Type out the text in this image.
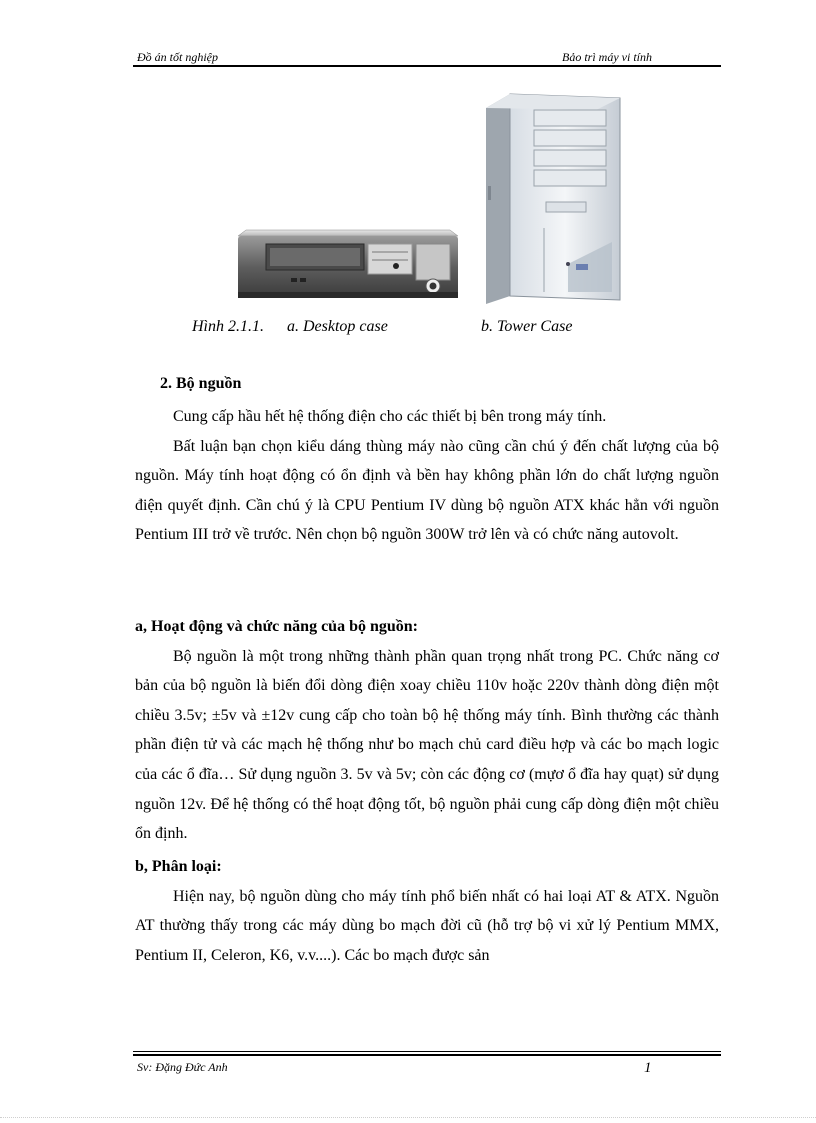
Đồ án tốt nghiệp	Bảo trì máy vi tính
Hình 2.1.1. a. Desktop case	b. Tower Case
2. Bộ nguồn

Cung cấp hầu hết hệ thống điện cho các thiết bị bên trong máy tính.

Bất luận bạn chọn kiểu dáng thùng máy nào cũng cần chú ý đến chất lượng của bộ nguồn. Máy tính hoạt động có ổn định và bền hay không phần lớn do chất lượng nguồn điện quyết định. Cần chú ý là CPU Pentium IV dùng bộ nguồn ATX khác hẳn với nguồn Pentium III trở về trước. Nên chọn bộ nguồn 300W trở lên và có chức năng autovolt.

a, Hoạt động và chức năng của bộ nguồn:

Bộ nguồn là một trong những thành phần quan trọng nhất trong PC. Chức năng cơ bản của bộ nguồn là biến đổi dòng điện xoay chiều 110v hoặc 220v thành dòng điện một chiều 3.5v; ±5v và ±12v cung cấp cho toàn bộ hệ thống máy tính. Bình thường các thành phần điện tử và các mạch hệ thống như bo mạch chủ card điều hợp và các bo mạch logic của các ổ đĩa… Sử dụng nguồn 3. 5v và 5v; còn các động cơ (mựơ ổ đĩa hay quạt) sử dụng nguồn 12v. Để hệ thống có thể hoạt động tốt, bộ nguồn phải cung cấp dòng điện một chiều ổn định.

b, Phân loại:

Hiện nay, bộ nguồn dùng cho máy tính phổ biến nhất có hai loại AT & ATX. Nguồn AT thường thấy trong các máy dùng bo mạch đời cũ (hỗ trợ bộ vi xử lý Pentium MMX, Pentium II, Celeron, K6, v.v....). Các bo mạch được sản

Sv: Đặng Đức Anh	1
